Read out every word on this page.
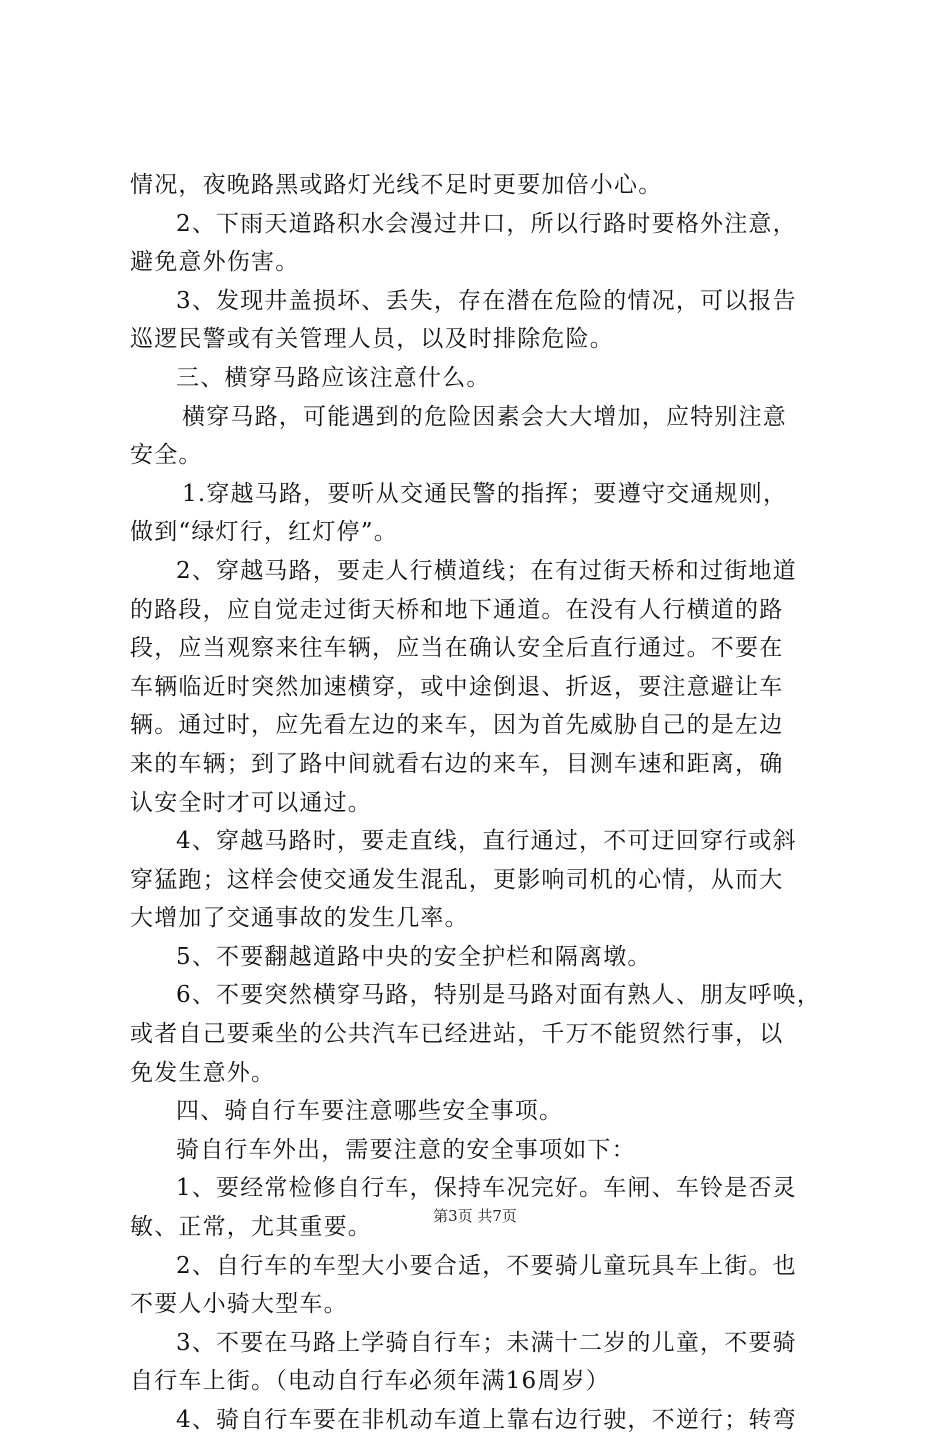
情况，夜晚路黑或路灯光线不足时更要加倍小心。
2、下雨天道路积水会漫过井口，所以行路时要格外注意，
避免意外伤害。
3、发现井盖损坏、丢失，存在潜在危险的情况，可以报告
巡逻民警或有关管理人员，以及时排除危险。
三、横穿马路应该注意什么。
横穿马路，可能遇到的危险因素会大大增加，应特别注意
安全。
1.穿越马路，要听从交通民警的指挥；要遵守交通规则，
做到“绿灯行，红灯停”。
2、穿越马路，要走人行横道线；在有过街天桥和过街地道
的路段，应自觉走过街天桥和地下通道。在没有人行横道的路
段，应当观察来往车辆，应当在确认安全后直行通过。不要在
车辆临近时突然加速横穿，或中途倒退、折返，要注意避让车
辆。通过时，应先看左边的来车，因为首先威胁自己的是左边
来的车辆；到了路中间就看右边的来车，目测车速和距离，确
认安全时才可以通过。
4、穿越马路时，要走直线，直行通过，不可迂回穿行或斜
穿猛跑；这样会使交通发生混乱，更影响司机的心情，从而大
大增加了交通事故的发生几率。
5、不要翻越道路中央的安全护栏和隔离墩。
6、不要突然横穿马路，特别是马路对面有熟人、朋友呼唤，
或者自己要乘坐的公共汽车已经进站，千万不能贸然行事，以
免发生意外。
四、骑自行车要注意哪些安全事项。
骑自行车外出，需要注意的安全事项如下：
1、要经常检修自行车，保持车况完好。车闸、车铃是否灵
敏、正常，尤其重要。
2、自行车的车型大小要合适，不要骑儿童玩具车上街。也
不要人小骑大型车。
3、不要在马路上学骑自行车；未满十二岁的儿童，不要骑
自行车上街。（电动自行车必须年满16周岁）
4、骑自行车要在非机动车道上靠右边行驶，不逆行；转弯
第3页 共7页
